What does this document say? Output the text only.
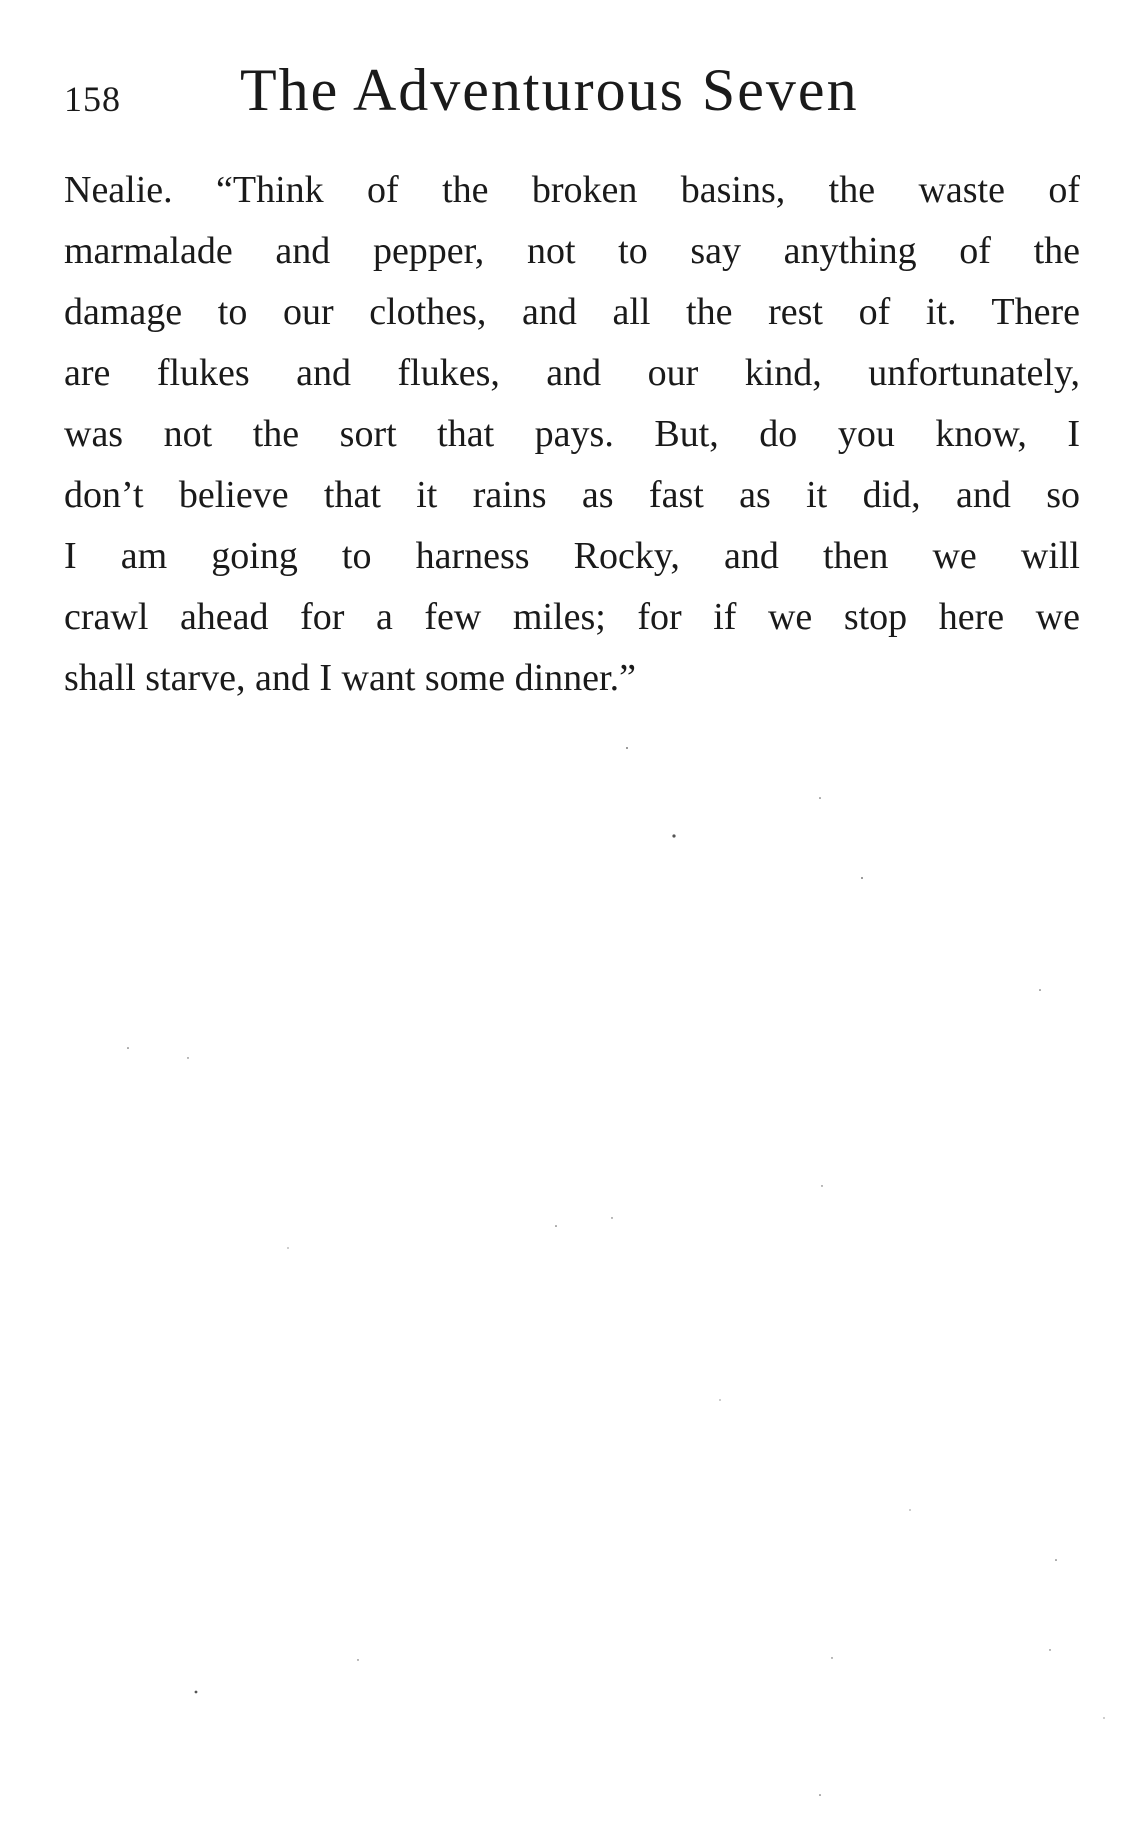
158 The Adventurous Seven
Nealie. “Think of the broken basins, the waste of
marmalade and pepper, not to say anything of the
damage to our clothes, and all the rest of it. There
are flukes and flukes, and our kind, unfortunately,
was not the sort that pays. But, do you know, I
don’t believe that it rains as fast as it did, and so
I am going to harness Rocky, and then we will
crawl ahead for a few miles; for if we stop here we
shall starve, and I want some dinner.”
